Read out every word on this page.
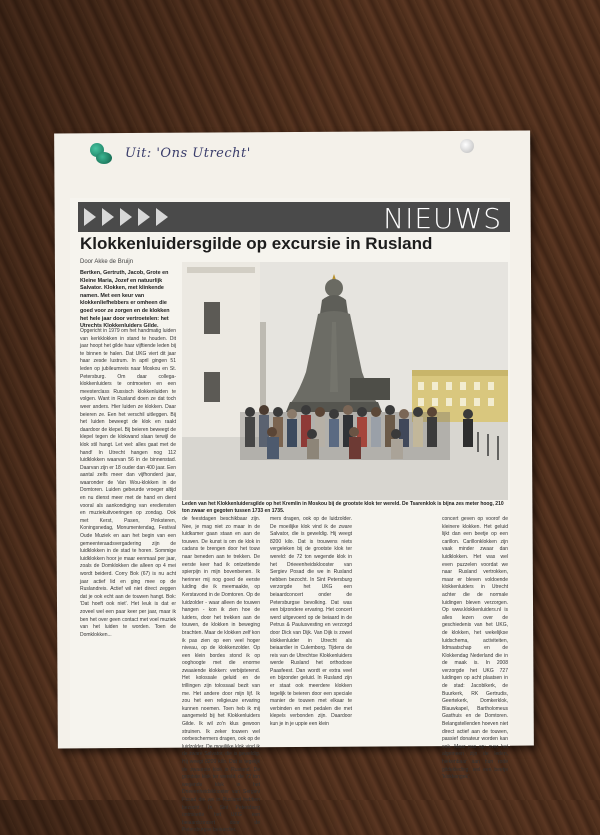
Uit: 'Ons Utrecht'
NIEUWS
Klokkenluidersgilde op excursie in Rusland
Door Akke de Bruijn
Bertken, Gertruth, Jacob, Grote en Kleine Maria, Jozef en natuurlijk Salvator. Klokken, met klinkende namen. Met een keur van klokkenliefhebbers er omheen die goed voor ze zorgen en de klokken het hele jaar door vertroetelen: het Utrechts Klokkenluiders Gilde.
Opgericht in 1979 om het handmatig luiden van kerkklokken in stand te houden. Dit jaar hoopt het gilde haar vijftiende leden bij te binnen te halen. Dat UKG viert dit jaar haar zesde lustrum. In april gingen 51 leden op jubileumreis naar Moskou en St. Petersburg. Om daar collega-klokkenluiders te ontmoeten en een meesterclass Russisch klokkenluiden te volgen. Want in Rusland doen ze dat toch weer anders. Hier luiden ze klokken. Daar beieren ze. Een het verschil uitleggen. Bij het luiden beweegt de klok en raakt daardoor de klepel. Bij beieren beweegt de klepel tegen de klokwand slaan terwijl de klok stil hangt. Let wel: alles gaat met de hand! In Utrecht hangen nog 112 luidklokken waarvan 56 in de binnenstad. Daarvan zijn er 18 ouder dan 400 jaar. Een aantal zelfs meer dan vijfhonderd jaar, waaronder de Van Wou-klokken in de Domtoren. Luiden gebeurde vroeger altijd en nu dienst meer met de hand en dient vooral als aankondiging van erediensten en muziekuitvoeringen op zondag. Ook met Kerst, Pasen, Pinksteren, Koningsnedag, Monumentendag, Festival Oude Muziek en aan het begin van een gemeenteraadsvergadering zijn de luidklokken in de stad te horen. Sommige luidklokken hoor je maar eenmaal per jaar, zoals de Domklokken die alleen op 4 mei wordt beiderd. Corry Bok (67) is nu acht jaar actief lid en ging mee op de Ruslandreis. Actief wil niet direct zeggen dat je ook echt aan de touwen hangt. Bok: 'Dat hoeft ook niet'. Het leuk is dat er zoveel wel een paar keer per jaar, maar ik ben het over geen contact met voel muziek van het luiden te worden. Toen de Domklokken...
Leden van het Klokkenluidersgilde op het Kremlin in Moskou bij de grootste klok ter wereld. De Tsarenklok is bijna zes meter hoog, 210 ton zwaar en gegoten tussen 1733 en 1735.
de feestdagen beschikbaar zijn. Nee, je mag niet zo maar in de luidkamer gaan staan en aan de touwen. De kunst is om de klok in cadans te brengen door het touw naar beneden aan te trekken. De eerste keer had ik ontzettende spierpijn in mijn bovenbenen. Ik herinner mij nog goed de eerste luiding die ik meemaakte, op Kerstavond in de Domtoren. Op de luidzolder - waar alleen de touwen hangen - kon ik zien hoe de luiders, door het trekken aan de touwen, de klokken in beweging brachten. Maar de klokken zelf kon ik pas zien op een veel hoger niveau, op de klokkenzolder. Op een klein bordes stond ik op ooghoogte met die enorme zwaaiende klokken: verbijsterend. Het kolossale geluid en de trillingen zijn tolossaal bezit van me. Het andere door mijn lijf. Ik zou het een religieuze ervaring kunnen noemen. Toen heb ik mij aangemeld bij het Klokkenluiders Gilde. Ik wil zo'n klus gewoon struinen. Ik zeker touwen wel oorbeschermers dragen, ook op de luidzolder. De moeilijke klok vind ik de zware Salvator, die is geweldig. Hij weegt 8200 kilo. Dat is tegelijk de zwaarste klok in Rusland. De grootste klok ter wereld: de 72 ton wegende klok in het Drieeenheidsklooster van Sergiev Posad die we in Rusland hebben bezocht. In Sint Petersburg ontmoette het UKG een beiaardconcert door de Petersburgse beiaardier.
mers dragen, ook op de luidzolder. De moeilijke klok vind ik de zware Salvator, die is geweldig. Hij weegt 8200 kilo. Dat is trouwens niets vergeleken bij de grootste klok ter wereld: de 72 ton wegende klok in het Drieeenheidsklooster van Sergiev Posad die we in Rusland hebben bezocht. In Sint Petersburg verzorgde het UKG een beiaardconcert onder de Petersburgse bevolking. Dat was een bijzondere ervaring. Het concert werd uitgevoerd op de beiaard in de Petrus & Paulusvesting en verzorgd door Dick van Dijk. Van Dijk is zowel klokkenluider in Utrecht als beiaardier in Culemborg. Tijdens de reis van de Utrechtse Klokkenluiders werde Rusland het orthodoxe Paasfeest. Dan wordt er extra veel en bijzonder geluid. In Rusland zijn er staat ook meerdere klokken tegelijk te beieren door een speciale manier de touwen met elkaar te verbinden en met pedalen die met klepels verbonden zijn. Daardoor kun je in je uppie een klein
concert geven op voorof de kleinere klokken. Het geluid lijkt dan een beetje op een carillon. Carillonklokken zijn vaak minder zwaar dan luidklokken. Het was wel even puzzelen voordat we naar Rusland vertrokken, maar er bleven voldoende klokkenluiders in Utrecht achter die de normale luidingen bleven verzorgen. Op www.klokkenluiders.nl is alles lezen over de geschiedenis van het UKG, de klokken, het wekelijkse luidschema, activiteiten, lidmaatschap en de Klokkendag Nederland die in de maak is. In 2008 verzorgde het UKG 727 luidingen op acht plaatsen in de stad: Jacobikerk, de Buurkerk, RK Gertrudis, Geertekerk, Domkerklok, Blauwkapel, Bartholomeus Gasthuis en de Domtoren. Belangstellenden hoeven niet direct actief aan de touwen, passief donateur worden kan ook. Maar pas op: over het algemeen zijn de leden, hiekenbaar aan hun rode gildekleding, wel een beetje 'klokkengek'.
